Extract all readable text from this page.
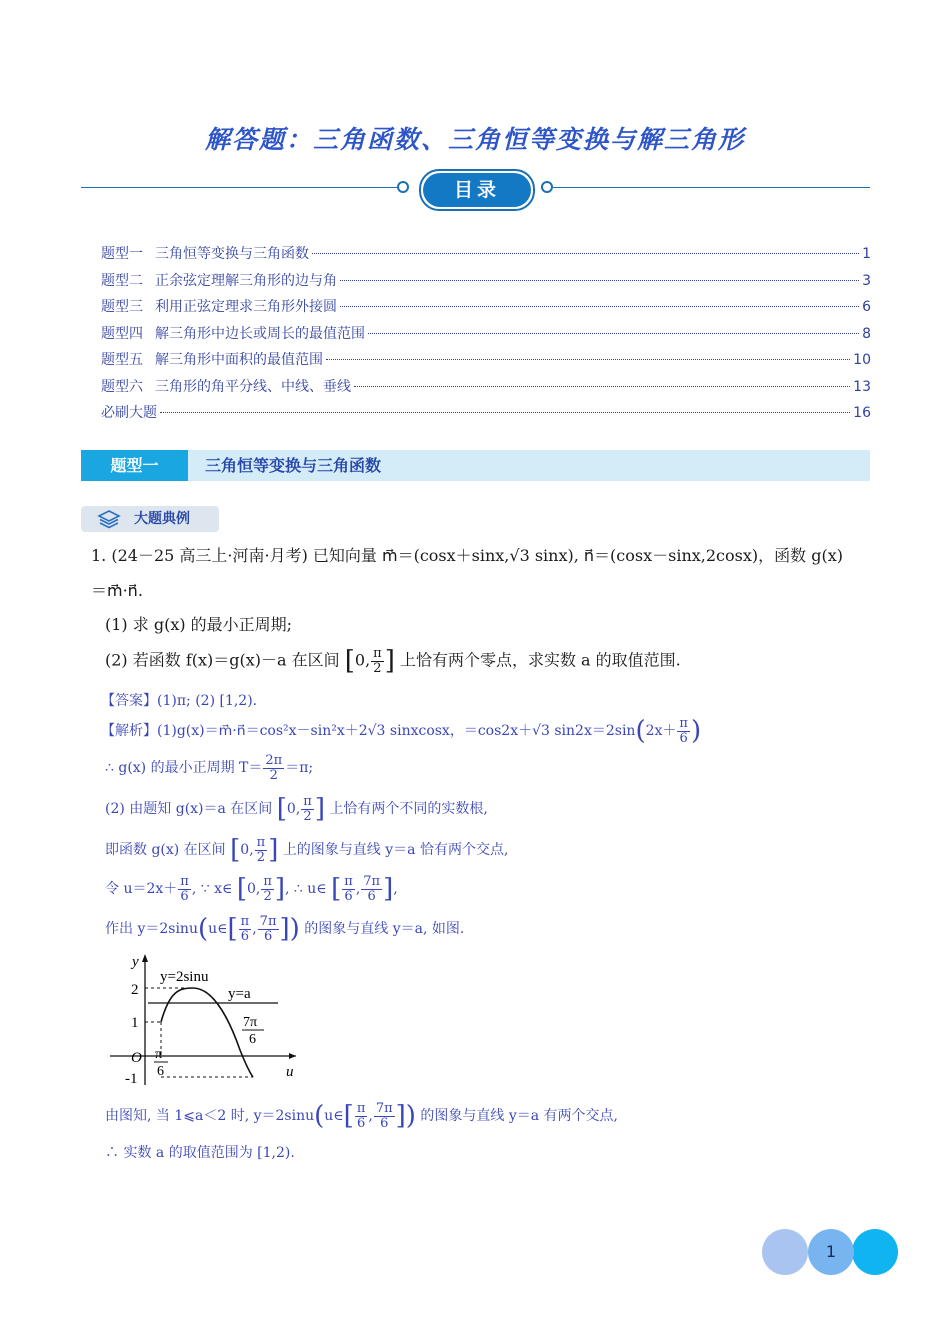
解答题：三角函数、三角恒等变换与解三角形
目录
题型一 三角恒等变换与三角函数	1
题型二 正余弦定理解三角形的边与角	3
题型三 利用正弦定理求三角形外接圆	6
题型四 解三角形中边长或周长的最值范围	8
题型五 解三角形中面积的最值范围	10
题型六 三角形的角平分线、中线、垂线	13
必刷大题	16
题型一	三角恒等变换与三角函数
大题典例
1. (24－25 高三上·河南·月考) 已知向量 m⃗＝(cosx＋sinx,√3 sinx), n⃗＝(cosx－sinx,2cosx)，函数 g(x)
＝m⃗·n⃗.
(1) 求 g(x) 的最小正周期;
(2) 若函数 f(x)＝g(x)－a 在区间 [0, $\frac{\pi}{2}$ ] 上恰有两个零点，求实数 a 的取值范围.
【答案】(1)π; (2) [1,2).
【解析】(1)g(x)＝m⃗·n⃗＝cos²x－sin²x＋2√3 sinxcosx，＝cos2x＋√3 $\sin 2x=2\sin(2x+ \frac{\pi}{6}$ )
∴ g(x) 的最小正周期 $T= \frac{2\pi}{2} =\pi$;
(2) 由题知 g(x)＝a 在区间 [0, $\frac{\pi}{2}$ ] 上恰有两个不同的实数根,
即函数 g(x) 在区间 [0, $\frac{\pi}{2}$ ] 上的图象与直线 y＝a 恰有两个交点,
令 $u=2x+ \frac{\pi}{6}$ , ∵ x∈ [0, $\frac{\pi}{2}$ ], ∴ u∈ [ $\frac{\pi}{6}$ , $\frac{7\pi}{6}$ ],
作出 y＝2sinu(u∈[ $\frac{\pi}{6}$ , $\frac{7\pi}{6}$ ]) 的图象与直线 y＝a, 如图.
y
u
O
2
1
-1
y=2sinu
y=a
π
6
7π
6
由图知, 当 1⩽a＜2 时, y＝2sinu(u∈[ $\frac{\pi}{6}$ , $\frac{7\pi}{6}$ ]) 的图象与直线 y＝a 有两个交点,
∴ 实数 a 的取值范围为 [1,2).
1
